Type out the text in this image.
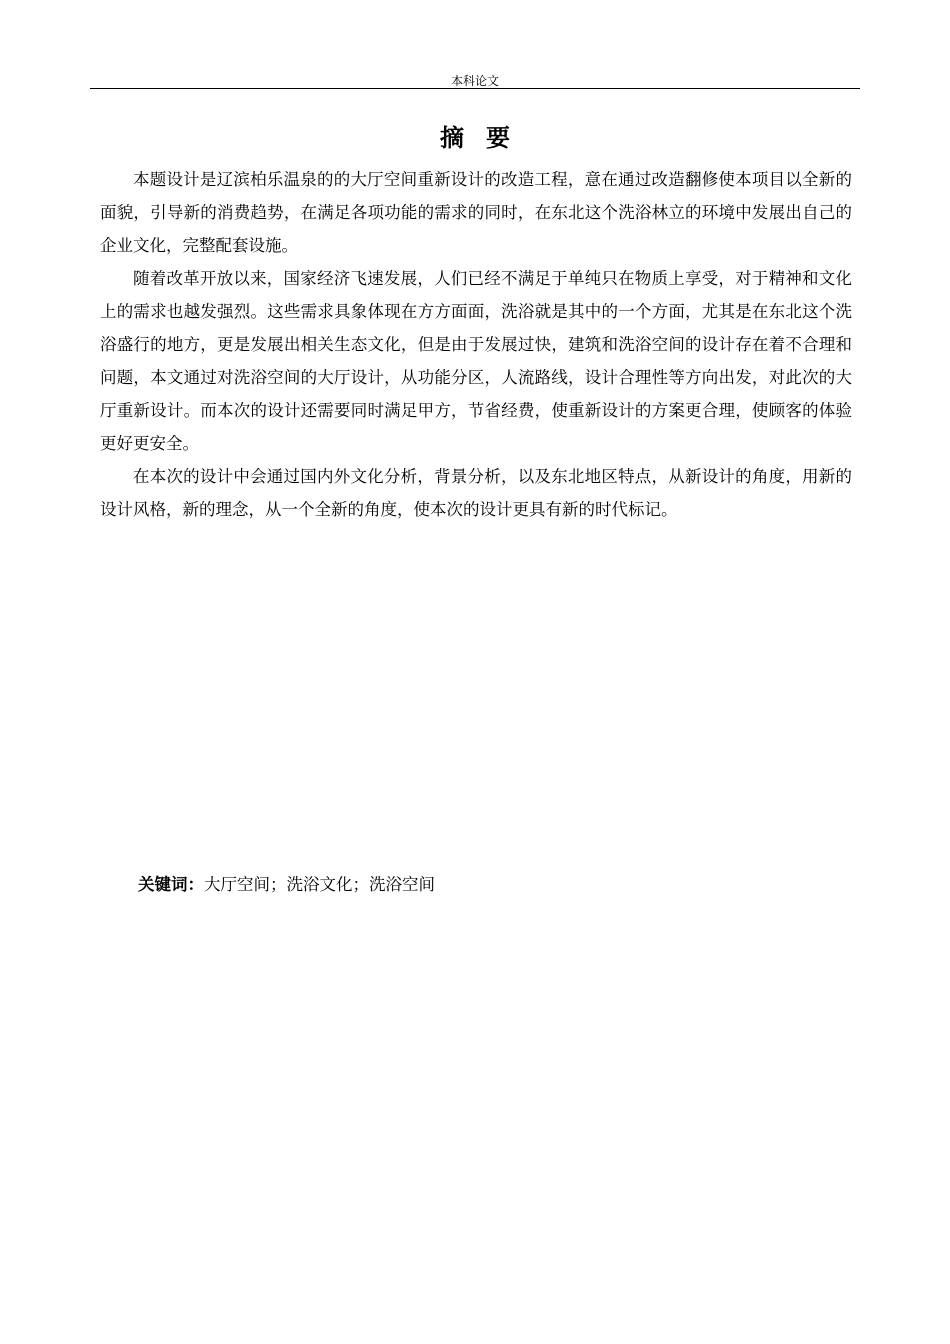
本科论文
摘要

本题设计是辽滨柏乐温泉的的大厅空间重新设计的改造工程，意在通过改造翻修使本项目以全新的面貌，引导新的消费趋势，在满足各项功能的需求的同时，在东北这个洗浴林立的环境中发展出自己的企业文化，完整配套设施。

随着改革开放以来，国家经济飞速发展，人们已经不满足于单纯只在物质上享受，对于精神和文化上的需求也越发强烈。这些需求具象体现在方方面面，洗浴就是其中的一个方面，尤其是在东北这个洗浴盛行的地方，更是发展出相关生态文化，但是由于发展过快，建筑和洗浴空间的设计存在着不合理和问题，本文通过对洗浴空间的大厅设计，从功能分区，人流路线，设计合理性等方向出发，对此次的大厅重新设计。而本次的设计还需要同时满足甲方，节省经费，使重新设计的方案更合理，使顾客的体验更好更安全。

在本次的设计中会通过国内外文化分析，背景分析，以及东北地区特点，从新设计的角度，用新的设计风格，新的理念，从一个全新的角度，使本次的设计更具有新的时代标记。

关键词：大厅空间；洗浴文化；洗浴空间
